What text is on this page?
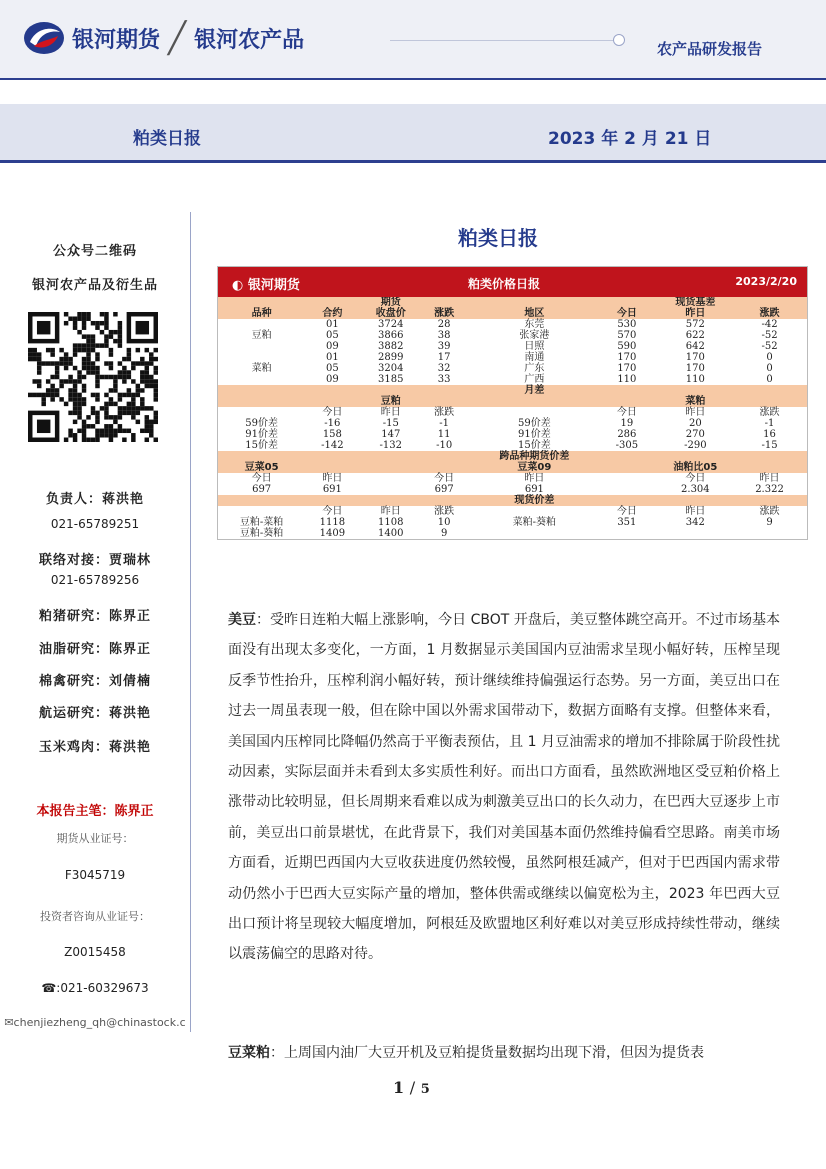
银河期货 ╱ 银河农产品	农产品研发报告
粕类日报	2023 年 2 月 21 日
公众号二维码
银河农产品及衍生品
负责人：蒋洪艳
021-65789251
联络对接：贾瑞林
021-65789256
粕猪研究：陈界正
油脂研究：陈界正
棉禽研究：刘倩楠
航运研究：蒋洪艳
玉米鸡肉：蒋洪艳
本报告主笔：陈界正
期货从业证号：
F3045719
投资者咨询从业证号：
Z0015458
☎:021-60329673
✉chenjiezheng_qh@chinastock.c
粕类日报
◐ 银河期货	粕类价格日报	2023/2/20
		期货				现货基差		
品种	合约	收盘价	涨跌	地区	今日	昨日	涨跌	
	01	3724	28	东莞	530	572	-42	
豆粕	05	3866	38	张家港	570	622	-52	
	09	3882	39	日照	590	642	-52	
	01	2899	17	南通	170	170	0	
菜粕	05	3204	32	广东	170	170	0	
	09	3185	33	广西	110	110	0	
				月差				
		豆粕				菜粕		
	今日	昨日	涨跌		今日	昨日	涨跌	
59价差	-16	-15	-1	59价差	19	20	-1	
91价差	158	147	11	91价差	286	270	16	
15价差	-142	-132	-10	15价差	-305	-290	-15	
				跨品种期货价差				
豆菜05				豆菜09		油粕比05		
今日	昨日		今日	昨日		今日	昨日	
697	691		697	691		2.304	2.322	
				现货价差				
	今日	昨日	涨跌		今日	昨日	涨跌	
豆粕-菜粕	1118	1108	10	菜粕-葵粕	351	342	9	
豆粕-葵粕	1409	1400	9					
美豆：受昨日连粕大幅上涨影响，今日 CBOT 开盘后，美豆整体跳空高开。不过市场基本面没有出现太多变化，一方面，1 月数据显示美国国内豆油需求呈现小幅好转，压榨呈现反季节性抬升，压榨利润小幅好转，预计继续维持偏强运行态势。另一方面，美豆出口在过去一周虽表现一般，但在除中国以外需求国带动下，数据方面略有支撑。但整体来看，美国国内压榨同比降幅仍然高于平衡表预估，且 1 月豆油需求的增加不排除属于阶段性扰动因素，实际层面并未看到太多实质性利好。而出口方面看，虽然欧洲地区受豆粕价格上涨带动比较明显，但长周期来看难以成为刺激美豆出口的长久动力，在巴西大豆逐步上市前，美豆出口前景堪忧，在此背景下，我们对美国基本面仍然维持偏看空思路。南美市场方面看，近期巴西国内大豆收获进度仍然较慢，虽然阿根廷减产，但对于巴西国内需求带动仍然小于巴西大豆实际产量的增加，整体供需或继续以偏宽松为主，2023 年巴西大豆出口预计将呈现较大幅度增加，阿根廷及欧盟地区利好难以对美豆形成持续性带动，继续以震荡偏空的思路对待。
豆菜粕：上周国内油厂大豆开机及豆粕提货量数据均出现下滑，但因为提货表
1 / 5
